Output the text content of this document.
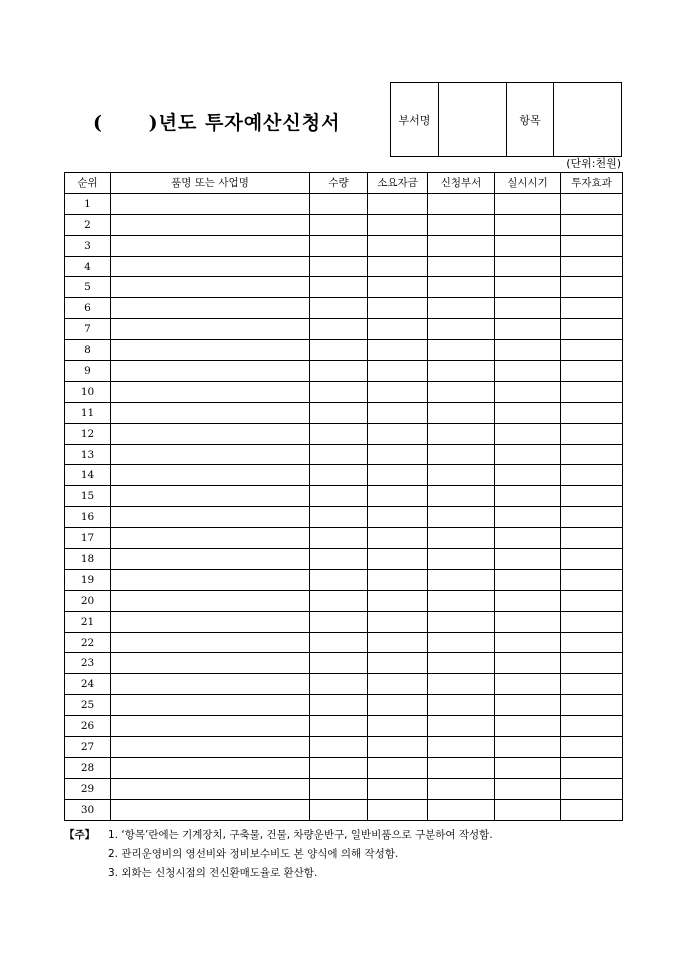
(      )년도 투자예산신청서	부서명		항목	
(단위:천원)
순위	품명 또는 사업명	수량	소요자금	신청부서	실시시기	투자효과
1						
2						
3						
4						
5						
6						
7						
8						
9						
10						
11						
12						
13						
14						
15						
16						
17						
18						
19						
20						
21						
22						
23						
24						
25						
26						
27						
28						
29						
30						
【주】	1. ‘항목’란에는 기계장치, 구축물, 건물, 차량운반구, 일반비품으로 구분하여 작성함.
2. 관리운영비의 영선비와 정비보수비도 본 양식에 의해 작성함.
3. 외화는 신청시점의 전신환매도율로 환산함.
